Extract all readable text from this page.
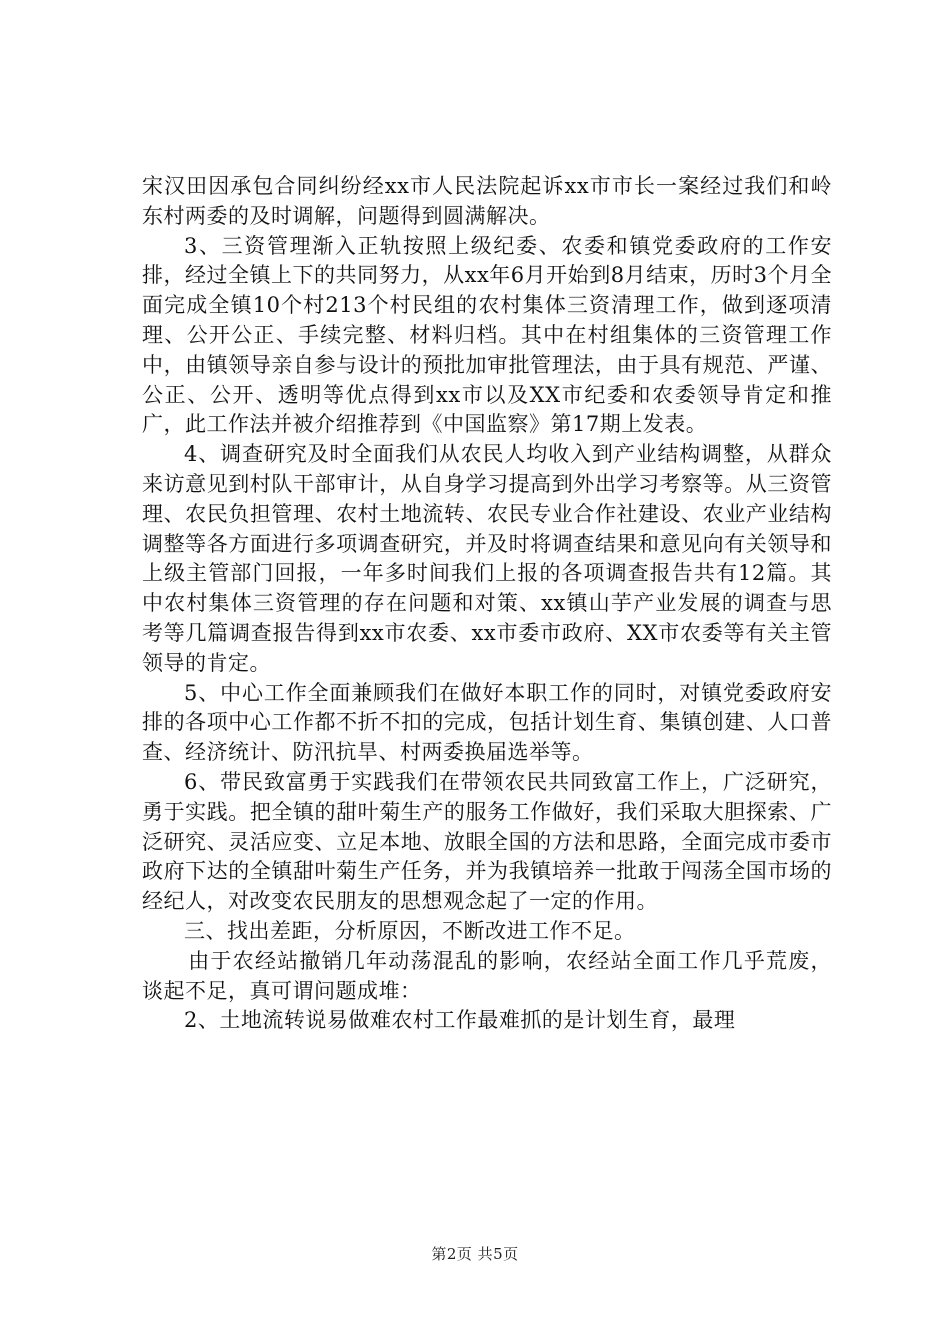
宋汉田因承包合同纠纷经xx市人民法院起诉xx市市长一案经过我们和岭东村两委的及时调解，问题得到圆满解决。

3、三资管理渐入正轨按照上级纪委、农委和镇党委政府的工作安排，经过全镇上下的共同努力，从xx年6月开始到8月结束，历时3个月全面完成全镇10个村213个村民组的农村集体三资清理工作，做到逐项清理、公开公正、手续完整、材料归档。其中在村组集体的三资管理工作中，由镇领导亲自参与设计的预批加审批管理法，由于具有规范、严谨、公正、公开、透明等优点得到xx市以及XX市纪委和农委领导肯定和推广，此工作法并被介绍推荐到《中国监察》第17期上发表。

4、调查研究及时全面我们从农民人均收入到产业结构调整，从群众来访意见到村队干部审计，从自身学习提高到外出学习考察等。从三资管理、农民负担管理、农村土地流转、农民专业合作社建设、农业产业结构调整等各方面进行多项调查研究，并及时将调查结果和意见向有关领导和上级主管部门回报，一年多时间我们上报的各项调查报告共有12篇。其中农村集体三资管理的存在问题和对策、xx镇山芋产业发展的调查与思考等几篇调查报告得到xx市农委、xx市委市政府、XX市农委等有关主管领导的肯定。

5、中心工作全面兼顾我们在做好本职工作的同时，对镇党委政府安排的各项中心工作都不折不扣的完成，包括计划生育、集镇创建、人口普查、经济统计、防汛抗旱、村两委换届选举等。

6、带民致富勇于实践我们在带领农民共同致富工作上，广泛研究，勇于实践。把全镇的甜叶菊生产的服务工作做好，我们采取大胆探索、广泛研究、灵活应变、立足本地、放眼全国的方法和思路，全面完成市委市政府下达的全镇甜叶菊生产任务，并为我镇培养一批敢于闯荡全国市场的经纪人，对改变农民朋友的思想观念起了一定的作用。

三、找出差距，分析原因，不断改进工作不足。

由于农经站撤销几年动荡混乱的影响，农经站全面工作几乎荒废，谈起不足，真可谓问题成堆：

2、土地流转说易做难农村工作最难抓的是计划生育，最理

第2页 共5页
